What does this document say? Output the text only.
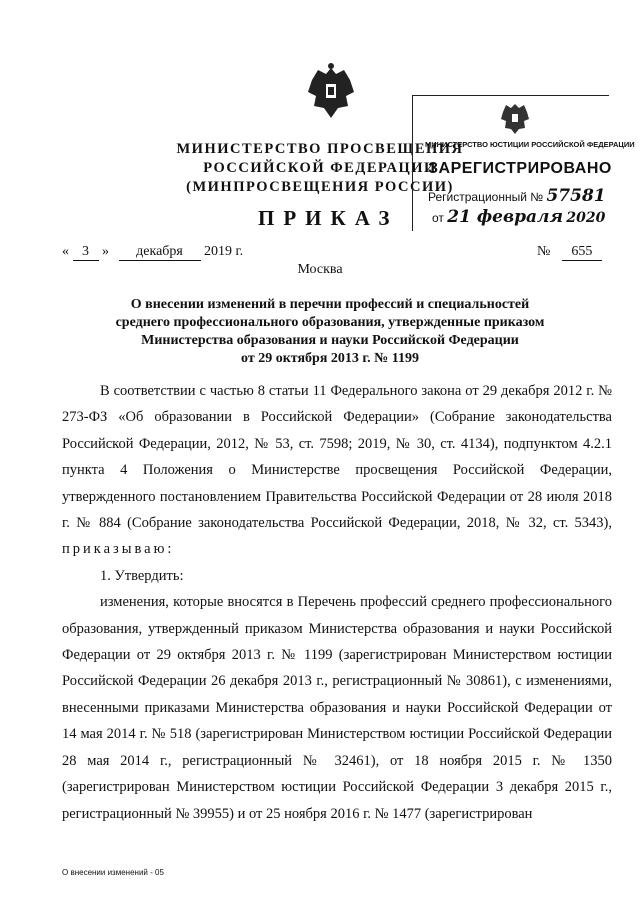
МИНИСТЕРСТВО ПРОСВЕЩЕНИЯ
РОССИЙСКОЙ ФЕДЕРАЦИИ
(МИНПРОСВЕЩЕНИЯ РОССИИ)
ПРИКАЗ
МИНИСТЕРСТВО ЮСТИЦИИ РОССИЙСКОЙ ФЕДЕРАЦИИ
ЗАРЕГИСТРИРОВАНО
Регистрационный № 57581
от 21 февраля 2020
« 3 » декабря 2019 г.	№ 655
Москва
О внесении изменений в перечни профессий и специальностей
среднего профессионального образования, утвержденные приказом
Министерства образования и науки Российской Федерации
от 29 октября 2013 г. № 1199

В соответствии с частью 8 статьи 11 Федерального закона от 29 декабря 2012 г. № 273-ФЗ «Об образовании в Российской Федерации» (Собрание законодательства Российской Федерации, 2012, № 53, ст. 7598; 2019, № 30, ст. 4134), подпунктом 4.2.1 пункта 4 Положения о Министерстве просвещения Российской Федерации, утвержденного постановлением Правительства Российской Федерации от 28 июля 2018 г. № 884 (Собрание законодательства Российской Федерации, 2018, № 32, ст. 5343), приказываю:

1. Утвердить:

изменения, которые вносятся в Перечень профессий среднего профессионального образования, утвержденный приказом Министерства образования и науки Российской Федерации от 29 октября 2013 г. № 1199 (зарегистрирован Министерством юстиции Российской Федерации 26 декабря 2013 г., регистрационный № 30861), с изменениями, внесенными приказами Министерства образования и науки Российской Федерации от 14 мая 2014 г. № 518 (зарегистрирован Министерством юстиции Российской Федерации 28 мая 2014 г., регистрационный № 32461), от 18 ноября 2015 г. № 1350 (зарегистрирован Министерством юстиции Российской Федерации 3 декабря 2015 г., регистрационный № 39955) и от 25 ноября 2016 г. № 1477 (зарегистрирован

О внесении изменений - 05
